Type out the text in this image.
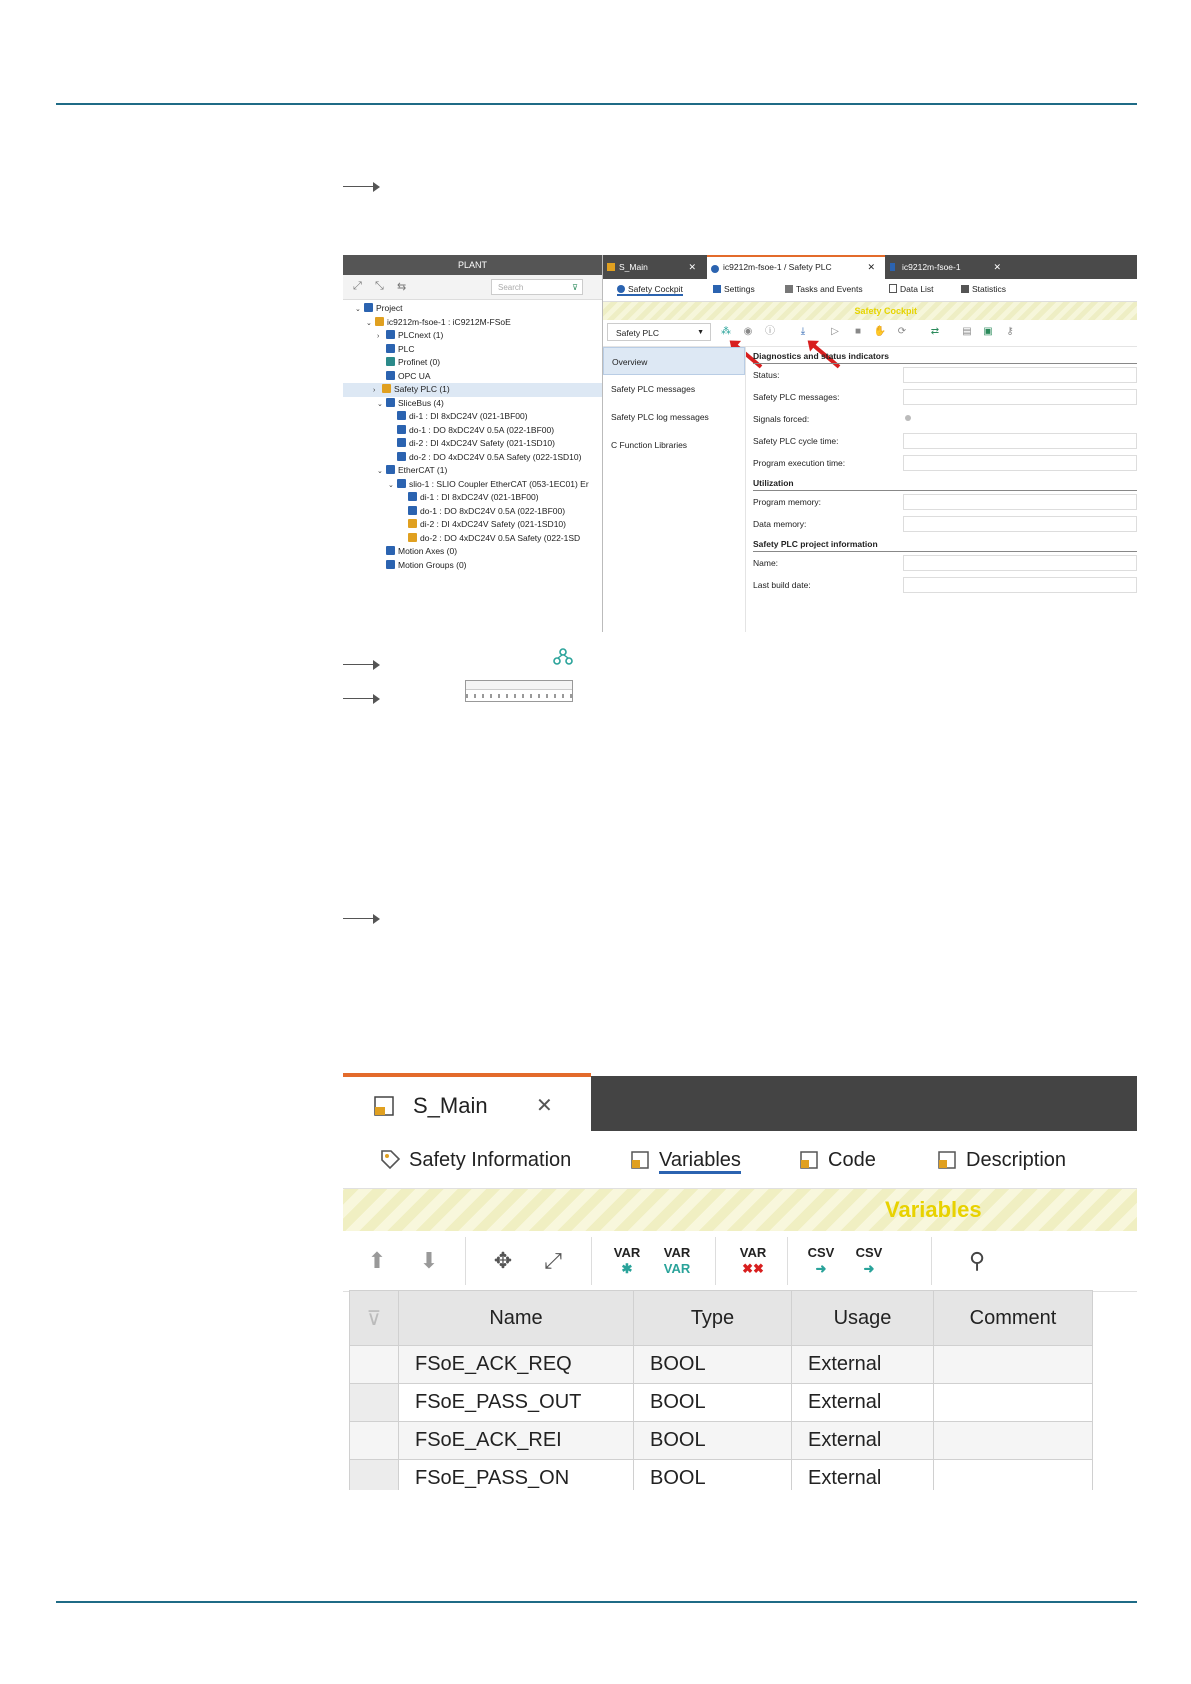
PLANT
⤢ ⤡ ⇆	Search	⊽
⌄ Project
⌄ ic9212m-fsoe-1 : iC9212M-FSoE
› PLCnext (1)
PLC
Profinet (0)
OPC UA
› Safety PLC (1)
⌄ SliceBus (4)
di-1 : DI 8xDC24V (021-1BF00)
do-1 : DO 8xDC24V 0.5A (022-1BF00)
di-2 : DI 4xDC24V Safety (021-1SD10)
do-2 : DO 4xDC24V 0.5A Safety (022-1SD10)
⌄ EtherCAT (1)
⌄ slio-1 : SLIO Coupler EtherCAT (053-1EC01) Er
di-1 : DI 8xDC24V (021-1BF00)
do-1 : DO 8xDC24V 0.5A (022-1BF00)
di-2 : DI 4xDC24V Safety (021-1SD10)
do-2 : DO 4xDC24V 0.5A Safety (022-1SD
Motion Axes (0)
Motion Groups (0)
S_Main	✕	ic9212m-fsoe-1 / Safety PLC	✕	ic9212m-fsoe-1	✕
Safety Cockpit	Settings	Tasks and Events	Data List	Statistics
Safety Cockpit
Safety PLC	▼ ⁂ ◉ ⓘ	⤓	▷	■	✋ ⟳ ⇄ ▤ ▣	⚷
Overview
Safety PLC messages
Safety PLC log messages
C Function Libraries
Diagnostics and status indicators
Status:
Safety PLC messages:
Signals forced:
Safety PLC cycle time:
Program execution time:
Utilization
Program memory:
Data memory:
Safety PLC project information
Name:
Last build date:
S_Main ✕
Safety Information	Variables	Code	Description
Variables
⬆	⬇	✥	⤢	VAR
✱
VAR
VAR
VAR
✖✖
CSV
➜
CSV
➜	⚲
⊽	Name	Type	Usage	Comment
	FSoE_ACK_REQ	BOOL	External	
	FSoE_PASS_OUT	BOOL	External	
	FSoE_ACK_REI	BOOL	External	
	FSoE_PASS_ON	BOOL	External	
